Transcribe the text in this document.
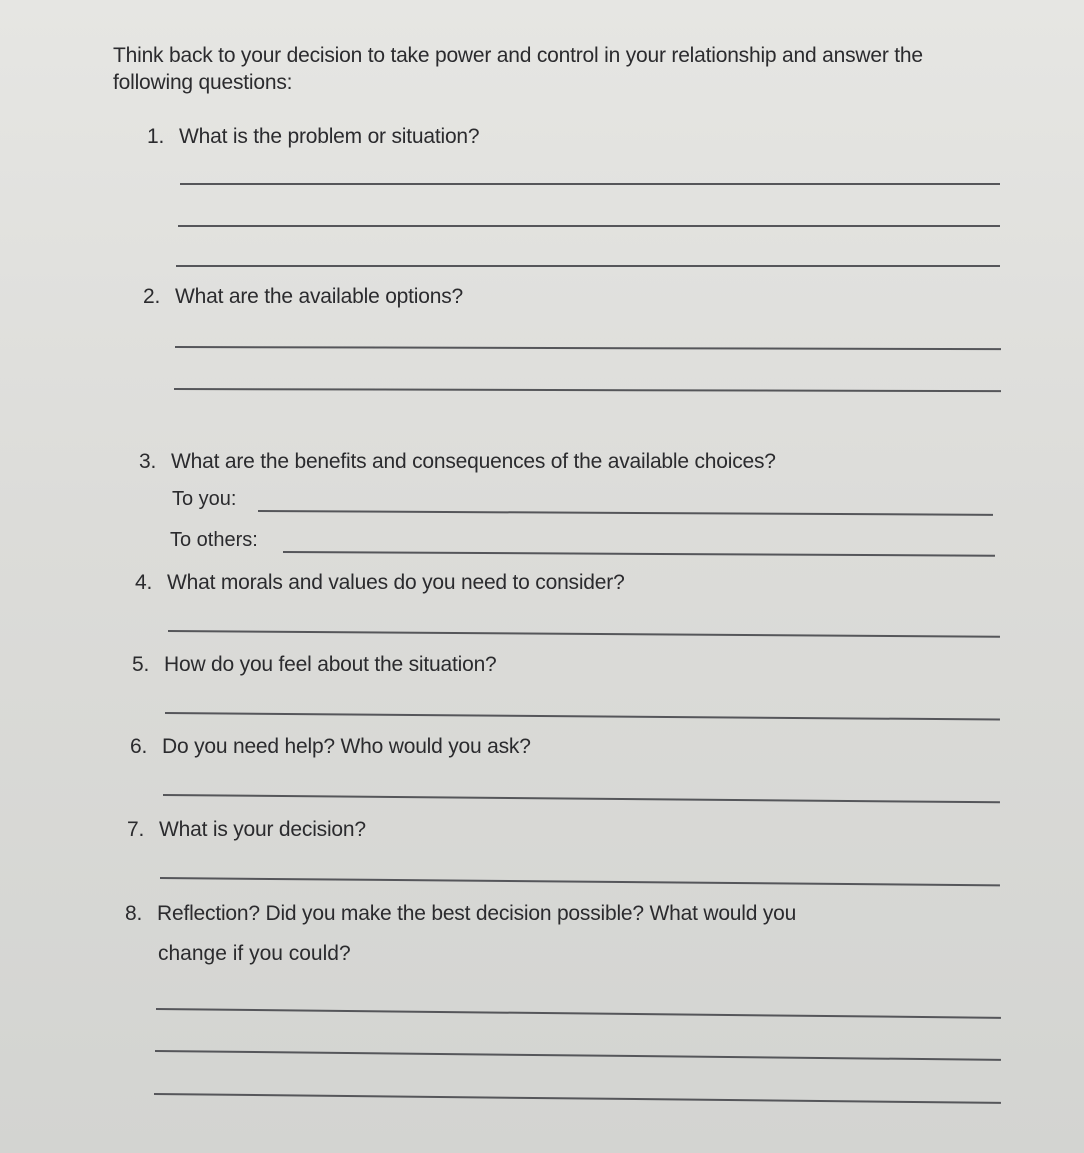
Think back to your decision to take power and control in your relationship and answer the following questions:
1. What is the problem or situation?
2. What are the available options?
3. What are the benefits and consequences of the available choices?
To you:
To others:
4. What morals and values do you need to consider?
5. How do you feel about the situation?
6. Do you need help? Who would you ask?
7. What is your decision?
8. Reflection? Did you make the best decision possible? What would you
change if you could?
